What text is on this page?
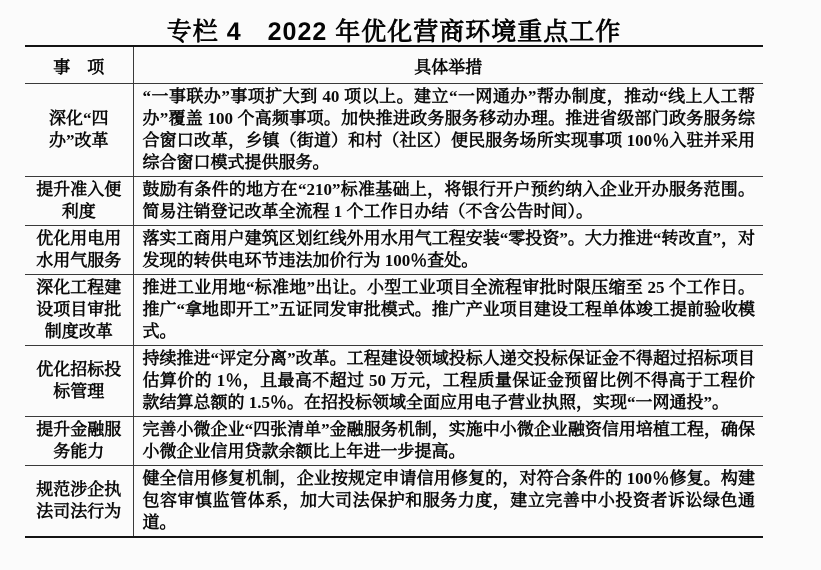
专栏 4　2022 年优化营商环境重点工作
事　项	具体举措
深化“四办”改革	“一事联办”事项扩大到 40 项以上。建立“一网通办”帮办制度，推动“线上人工帮办”覆盖 100 个高频事项。加快推进政务服务移动办理。推进省级部门政务服务综合窗口改革，乡镇（街道）和村（社区）便民服务场所实现事项 100％入驻并采用综合窗口模式提供服务。
提升准入便利度	鼓励有条件的地方在“210”标准基础上，将银行开户预约纳入企业开办服务范围。简易注销登记改革全流程 1 个工作日办结（不含公告时间）。
优化用电用水用气服务	落实工商用户建筑区划红线外用水用气工程安装“零投资”。大力推进“转改直”，对发现的转供电环节违法加价行为 100％查处。
深化工程建设项目审批制度改革	推进工业用地“标准地”出让。小型工业项目全流程审批时限压缩至 25 个工作日。推广“拿地即开工”五证同发审批模式。推广产业项目建设工程单体竣工提前验收模式。
优化招标投标管理	持续推进“评定分离”改革。工程建设领域投标人递交投标保证金不得超过招标项目估算价的 1％，且最高不超过 50 万元，工程质量保证金预留比例不得高于工程价款结算总额的 1.5％。在招投标领域全面应用电子营业执照，实现“一网通投”。
提升金融服务能力	完善小微企业“四张清单”金融服务机制，实施中小微企业融资信用培植工程，确保小微企业信用贷款余额比上年进一步提高。
规范涉企执法司法行为	健全信用修复机制，企业按规定申请信用修复的，对符合条件的 100％修复。构建包容审慎监管体系，加大司法保护和服务力度，建立完善中小投资者诉讼绿色通道。
